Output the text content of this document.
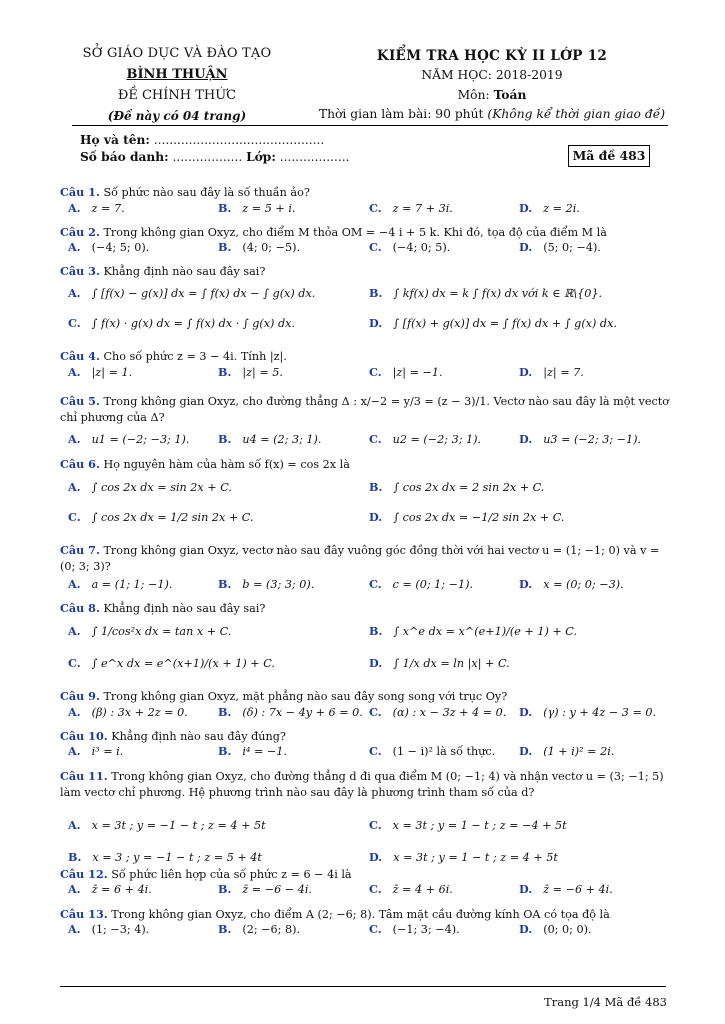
SỞ GIÁO DỤC VÀ ĐÀO TẠO
BÌNH THUẬN
ĐỀ CHÍNH THỨC
(Đề này có 04 trang)
KIỂM TRA HỌC KỲ II LỚP 12
NĂM HỌC: 2018-2019
Môn: Toán
Thời gian làm bài: 90 phút (Không kể thời gian giao đề)
Họ và tên: ............................................
Số báo danh: .................. Lớp: ..................	Mã đề 483
Câu 1. Số phức nào sau đây là số thuần ảo?
A. z = 7.	B. z = 5 + i.	C. z = 7 + 3i.	D. z = 2i.
Câu 2. Trong không gian Oxyz, cho điểm M thỏa OM = −4 i + 5 k. Khi đó, tọa độ của điểm M là
A. (−4; 5; 0).	B. (4; 0; −5).	C. (−4; 0; 5).	D. (5; 0; −4).
Câu 3. Khẳng định nào sau đây sai?
A. ∫ [f(x) − g(x)] dx = ∫ f(x) dx − ∫ g(x) dx.	B. ∫ kf(x) dx = k ∫ f(x) dx với k ∈ ℝ\{0}.
C. ∫ f(x) · g(x) dx = ∫ f(x) dx · ∫ g(x) dx.	D. ∫ [f(x) + g(x)] dx = ∫ f(x) dx + ∫ g(x) dx.
Câu 4. Cho số phức z = 3 − 4i. Tính |z|.
A. |z| = 1.	B. |z| = 5.	C. |z| = −1.	D. |z| = 7.
Câu 5. Trong không gian Oxyz, cho đường thẳng Δ : x/−2 = y/3 = (z − 3)/1. Vectơ nào sau đây là một vectơ chỉ phương của Δ?
A. u1 = (−2; −3; 1).	B. u4 = (2; 3; 1).	C. u2 = (−2; 3; 1).	D. u3 = (−2; 3; −1).
Câu 6. Họ nguyên hàm của hàm số f(x) = cos 2x là
A. ∫ cos 2x dx = sin 2x + C.	B. ∫ cos 2x dx = 2 sin 2x + C.
C. ∫ cos 2x dx = 1/2 sin 2x + C.	D. ∫ cos 2x dx = −1/2 sin 2x + C.
Câu 7. Trong không gian Oxyz, vectơ nào sau đây vuông góc đồng thời với hai vectơ u = (1; −1; 0) và v = (0; 3; 3)?
A. a = (1; 1; −1).	B. b = (3; 3; 0).	C. c = (0; 1; −1).	D. x = (0; 0; −3).
Câu 8. Khẳng định nào sau đây sai?
A. ∫ 1/cos²x dx = tan x + C.	B. ∫ x^e dx = x^(e+1)/(e + 1) + C.
C. ∫ e^x dx = e^(x+1)/(x + 1) + C.	D. ∫ 1/x dx = ln |x| + C.
Câu 9. Trong không gian Oxyz, mặt phẳng nào sau đây song song với trục Oy?
A. (β) : 3x + 2z = 0.	B. (δ) : 7x − 4y + 6 = 0. C. (α) : x − 3z + 4 = 0. D. (γ) : y + 4z − 3 = 0.
Câu 10. Khẳng định nào sau đây đúng?
A. i³ = i.	B. i⁴ = −1.	C. (1 − i)² là số thực. D. (1 + i)² = 2i.
Câu 11. Trong không gian Oxyz, cho đường thẳng d đi qua điểm M (0; −1; 4) và nhận vectơ u = (3; −1; 5) làm vectơ chỉ phương. Hệ phương trình nào sau đây là phương trình tham số của d?
A. x = 3t ; y = −1 − t ; z = 4 + 5t
B. x = 3 ; y = −1 − t ; z = 5 + 4t
C. x = 3t ; y = 1 − t ; z = −4 + 5t
D. x = 3t ; y = 1 − t ; z = 4 + 5t
Câu 12. Số phức liên hợp của số phức z = 6 − 4i là
A. z̄ = 6 + 4i.	B. z̄ = −6 − 4i.	C. z̄ = 4 + 6i.	D. z̄ = −6 + 4i.
Câu 13. Trong không gian Oxyz, cho điểm A (2; −6; 8). Tâm mặt cầu đường kính OA có tọa độ là
A. (1; −3; 4).	B. (2; −6; 8).	C. (−1; 3; −4).	D. (0; 0; 0).
Trang 1/4 Mã đề 483
